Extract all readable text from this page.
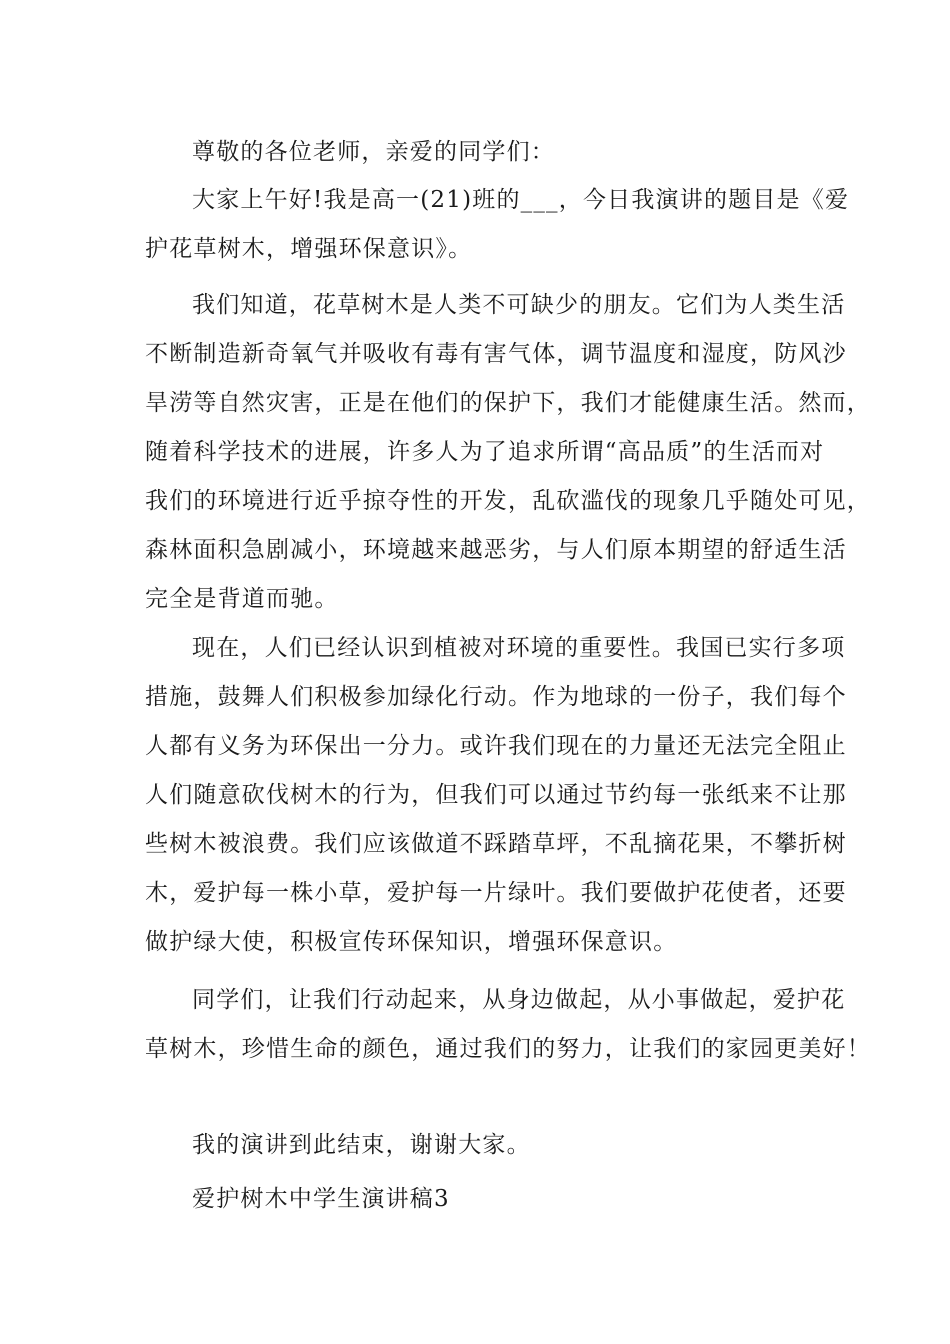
尊敬的各位老师，亲爱的同学们：
大家上午好!我是高一(21)班的___，今日我演讲的题目是《爱
护花草树木，增强环保意识》。
我们知道，花草树木是人类不可缺少的朋友。它们为人类生活
不断制造新奇氧气并吸收有毒有害气体，调节温度和湿度，防风沙
旱涝等自然灾害，正是在他们的保护下，我们才能健康生活。然而，
随着科学技术的进展，许多人为了追求所谓“高品质”的生活而对
我们的环境进行近乎掠夺性的开发，乱砍滥伐的现象几乎随处可见，
森林面积急剧减小，环境越来越恶劣，与人们原本期望的舒适生活
完全是背道而驰。
现在，人们已经认识到植被对环境的重要性。我国已实行多项
措施，鼓舞人们积极参加绿化行动。作为地球的一份子，我们每个
人都有义务为环保出一分力。或许我们现在的力量还无法完全阻止
人们随意砍伐树木的行为，但我们可以通过节约每一张纸来不让那
些树木被浪费。我们应该做道不踩踏草坪，不乱摘花果，不攀折树
木，爱护每一株小草，爱护每一片绿叶。我们要做护花使者，还要
做护绿大使，积极宣传环保知识，增强环保意识。
同学们，让我们行动起来，从身边做起，从小事做起，爱护花
草树木，珍惜生命的颜色，通过我们的努力，让我们的家园更美好！
我的演讲到此结束，谢谢大家。
爱护树木中学生演讲稿3
